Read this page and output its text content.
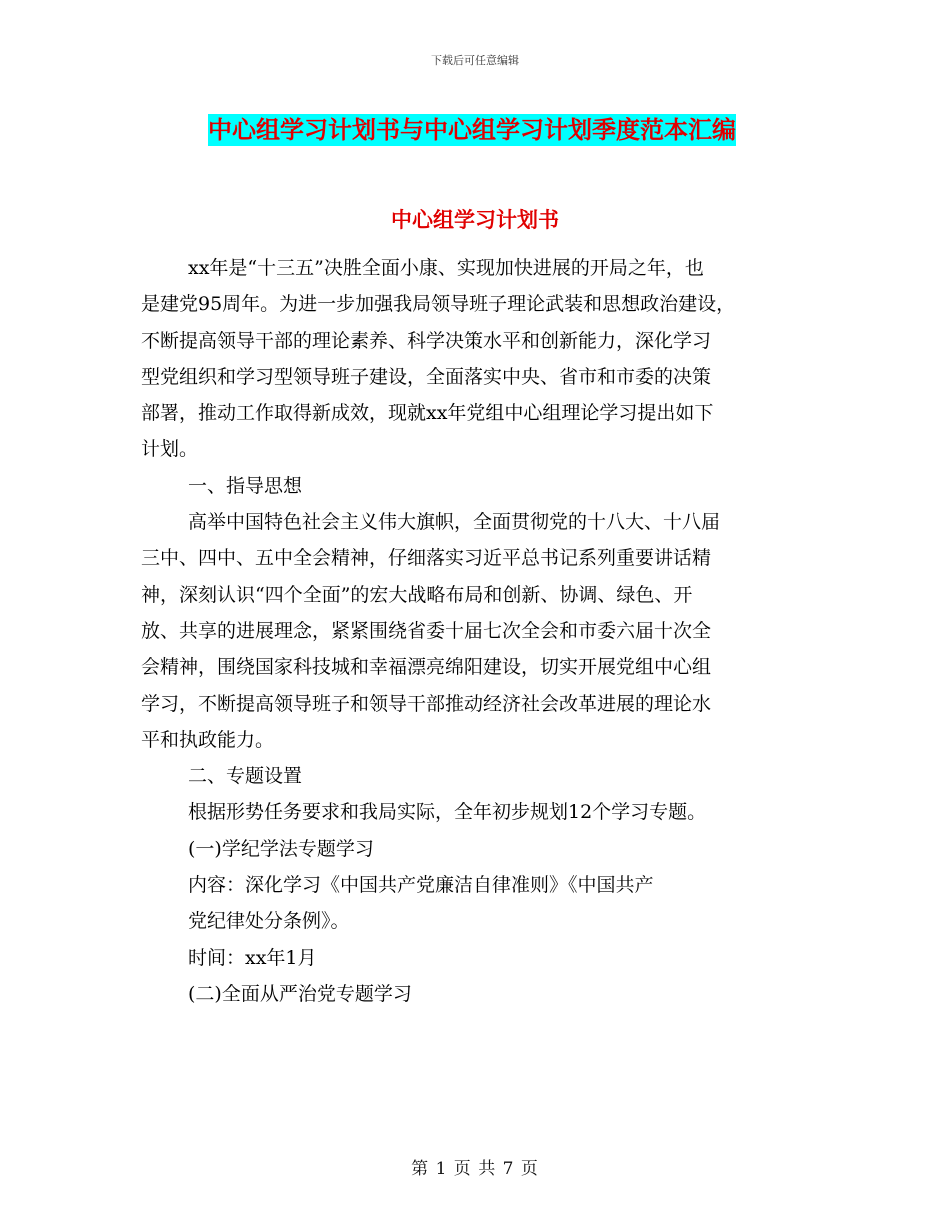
下载后可任意编辑
中心组学习计划书与中心组学习计划季度范本汇编
中心组学习计划书
xx年是“十三五”决胜全面小康、实现加快进展的开局之年，也
是建党95周年。为进一步加强我局领导班子理论武装和思想政治建设，
不断提高领导干部的理论素养、科学决策水平和创新能力，深化学习
型党组织和学习型领导班子建设，全面落实中央、省市和市委的决策
部署，推动工作取得新成效，现就xx年党组中心组理论学习提出如下
计划。
一、指导思想
高举中国特色社会主义伟大旗帜，全面贯彻党的十八大、十八届
三中、四中、五中全会精神，仔细落实习近平总书记系列重要讲话精
神，深刻认识“四个全面”的宏大战略布局和创新、协调、绿色、开
放、共享的进展理念，紧紧围绕省委十届七次全会和市委六届十次全
会精神，围绕国家科技城和幸福漂亮绵阳建设，切实开展党组中心组
学习，不断提高领导班子和领导干部推动经济社会改革进展的理论水
平和执政能力。
二、专题设置
根据形势任务要求和我局实际，全年初步规划12个学习专题。
(一)学纪学法专题学习
内容：深化学习《中国共产党廉洁自律准则》《中国共产
党纪律处分条例》。
时间：xx年1月
(二)全面从严治党专题学习
第 1 页 共 7 页
